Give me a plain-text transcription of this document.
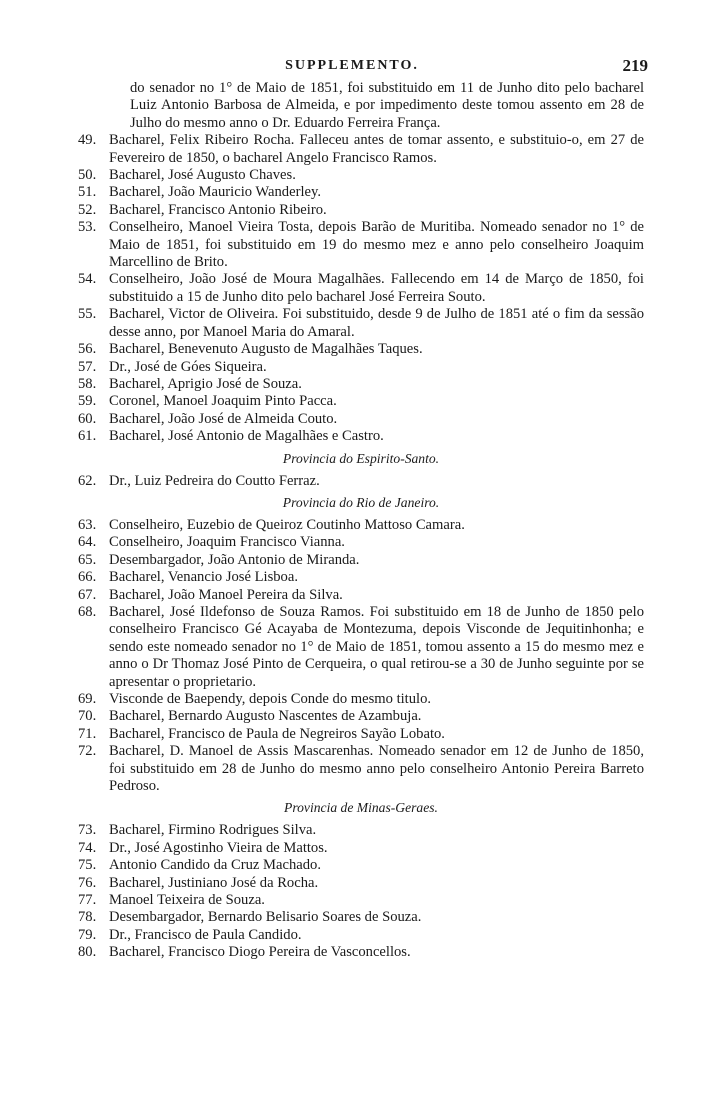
SUPPLEMENTO.	219
do senador no 1° de Maio de 1851, foi substituido em 11 de Junho dito pelo bacharel Luiz Antonio Barbosa de Almeida, e por impedimento deste tomou assento em 28 de Julho do mesmo anno o Dr. Eduardo Ferreira França.
49. Bacharel, Felix Ribeiro Rocha. Falleceu antes de tomar assento, e substituio-o, em 27 de Fevereiro de 1850, o bacharel Angelo Francisco Ramos.
50. Bacharel, José Augusto Chaves.
51. Bacharel, João Mauricio Wanderley.
52. Bacharel, Francisco Antonio Ribeiro.
53. Conselheiro, Manoel Vieira Tosta, depois Barão de Muritiba. Nomeado senador no 1° de Maio de 1851, foi substituido em 19 do mesmo mez e anno pelo conselheiro Joaquim Marcellino de Brito.
54. Conselheiro, João José de Moura Magalhães. Fallecendo em 14 de Março de 1850, foi substituido a 15 de Junho dito pelo bacharel José Ferreira Souto.
55. Bacharel, Victor de Oliveira. Foi substituido, desde 9 de Julho de 1851 até o fim da sessão desse anno, por Manoel Maria do Amaral.
56. Bacharel, Benevenuto Augusto de Magalhães Taques.
57. Dr., José de Góes Siqueira.
58. Bacharel, Aprigio José de Souza.
59. Coronel, Manoel Joaquim Pinto Pacca.
60. Bacharel, João José de Almeida Couto.
61. Bacharel, José Antonio de Magalhães e Castro.
Provincia do Espirito-Santo.
62. Dr., Luiz Pedreira do Coutto Ferraz.
Provincia do Rio de Janeiro.
63. Conselheiro, Euzebio de Queiroz Coutinho Mattoso Camara.
64. Conselheiro, Joaquim Francisco Vianna.
65. Desembargador, João Antonio de Miranda.
66. Bacharel, Venancio José Lisboa.
67. Bacharel, João Manoel Pereira da Silva.
68. Bacharel, José Ildefonso de Souza Ramos. Foi substituido em 18 de Junho de 1850 pelo conselheiro Francisco Gé Acayaba de Montezuma, depois Visconde de Jequitinhonha; e sendo este nomeado senador no 1° de Maio de 1851, tomou assento a 15 do mesmo mez e anno o Dr Thomaz José Pinto de Cerqueira, o qual retirou-se a 30 de Junho seguinte por se apresentar o proprietario.
69. Visconde de Baependy, depois Conde do mesmo titulo.
70. Bacharel, Bernardo Augusto Nascentes de Azambuja.
71. Bacharel, Francisco de Paula de Negreiros Sayão Lobato.
72. Bacharel, D. Manoel de Assis Mascarenhas. Nomeado senador em 12 de Junho de 1850, foi substituido em 28 de Junho do mesmo anno pelo conselheiro Antonio Pereira Barreto Pedroso.
Provincia de Minas-Geraes.
73. Bacharel, Firmino Rodrigues Silva.
74. Dr., José Agostinho Vieira de Mattos.
75. Antonio Candido da Cruz Machado.
76. Bacharel, Justiniano José da Rocha.
77. Manoel Teixeira de Souza.
78. Desembargador, Bernardo Belisario Soares de Souza.
79. Dr., Francisco de Paula Candido.
80. Bacharel, Francisco Diogo Pereira de Vasconcellos.
